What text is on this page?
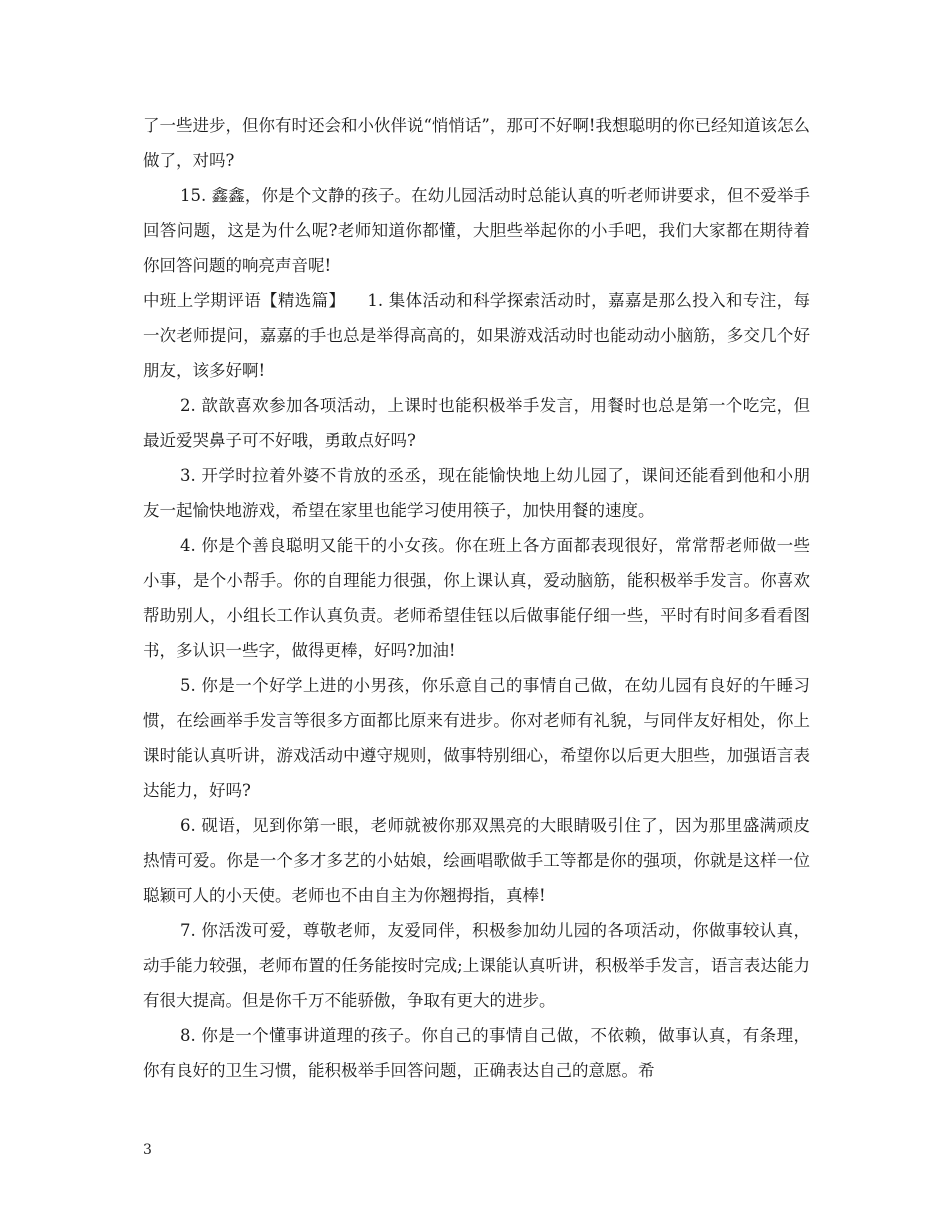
了一些进步，但你有时还会和小伙伴说“悄悄话”，那可不好啊!我想聪明的你已经知道该怎么做了，对吗?

15. 鑫鑫，你是个文静的孩子。在幼儿园活动时总能认真的听老师讲要求，但不爱举手回答问题，这是为什么呢?老师知道你都懂，大胆些举起你的小手吧，我们大家都在期待着你回答问题的响亮声音呢!

中班上学期评语【精选篇】 1. 集体活动和科学探索活动时，嘉嘉是那么投入和专注，每一次老师提问，嘉嘉的手也总是举得高高的，如果游戏活动时也能动动小脑筋，多交几个好朋友，该多好啊!

2. 歆歆喜欢参加各项活动，上课时也能积极举手发言，用餐时也总是第一个吃完，但最近爱哭鼻子可不好哦，勇敢点好吗?

3. 开学时拉着外婆不肯放的丞丞，现在能愉快地上幼儿园了，课间还能看到他和小朋友一起愉快地游戏，希望在家里也能学习使用筷子，加快用餐的速度。

4. 你是个善良聪明又能干的小女孩。你在班上各方面都表现很好，常常帮老师做一些小事，是个小帮手。你的自理能力很强，你上课认真，爱动脑筋，能积极举手发言。你喜欢帮助别人，小组长工作认真负责。老师希望佳钰以后做事能仔细一些，平时有时间多看看图书，多认识一些字，做得更棒，好吗?加油!

5. 你是一个好学上进的小男孩，你乐意自己的事情自己做，在幼儿园有良好的午睡习惯，在绘画举手发言等很多方面都比原来有进步。你对老师有礼貌，与同伴友好相处，你上课时能认真听讲，游戏活动中遵守规则，做事特别细心，希望你以后更大胆些，加强语言表达能力，好吗?

6. 砚语，见到你第一眼，老师就被你那双黑亮的大眼睛吸引住了，因为那里盛满顽皮热情可爱。你是一个多才多艺的小姑娘，绘画唱歌做手工等都是你的强项，你就是这样一位聪颖可人的小天使。老师也不由自主为你翘拇指，真棒!

7. 你活泼可爱，尊敬老师，友爱同伴，积极参加幼儿园的各项活动，你做事较认真，动手能力较强，老师布置的任务能按时完成;上课能认真听讲，积极举手发言，语言表达能力有很大提高。但是你千万不能骄傲，争取有更大的进步。

8. 你是一个懂事讲道理的孩子。你自己的事情自己做，不依赖，做事认真，有条理，你有良好的卫生习惯，能积极举手回答问题，正确表达自己的意愿。希

3
